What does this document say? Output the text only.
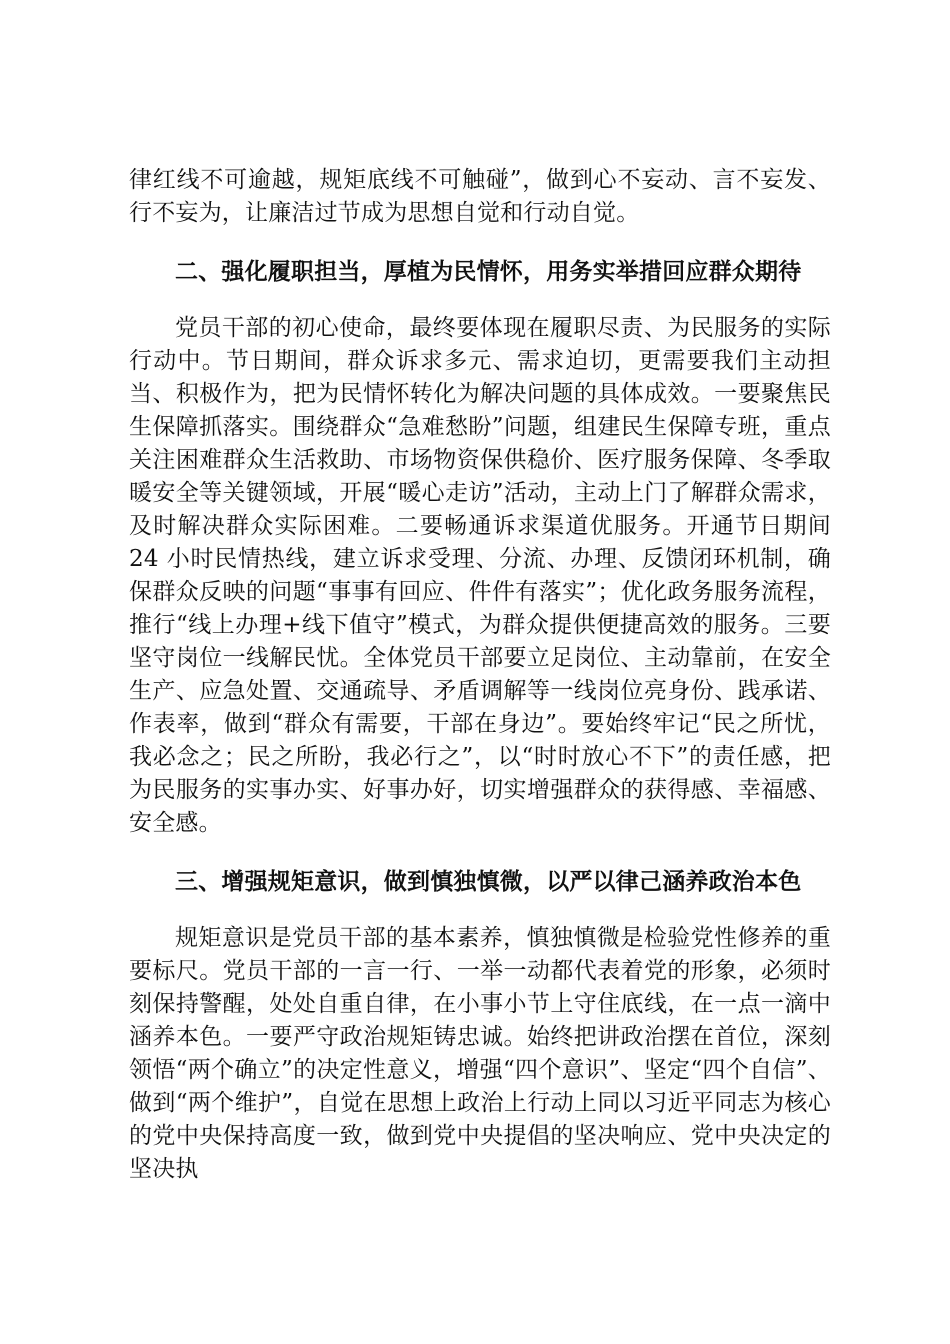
律红线不可逾越，规矩底线不可触碰”，做到心不妄动、言不妄发、行不妄为，让廉洁过节成为思想自觉和行动自觉。

二、强化履职担当，厚植为民情怀，用务实举措回应群众期待

党员干部的初心使命，最终要体现在履职尽责、为民服务的实际行动中。节日期间，群众诉求多元、需求迫切，更需要我们主动担当、积极作为，把为民情怀转化为解决问题的具体成效。一要聚焦民生保障抓落实。围绕群众“急难愁盼”问题，组建民生保障专班，重点关注困难群众生活救助、市场物资保供稳价、医疗服务保障、冬季取暖安全等关键领域，开展“暖心走访”活动，主动上门了解群众需求，及时解决群众实际困难。二要畅通诉求渠道优服务。开通节日期间 24 小时民情热线，建立诉求受理、分流、办理、反馈闭环机制，确保群众反映的问题“事事有回应、件件有落实”；优化政务服务流程，推行“线上办理+线下值守”模式，为群众提供便捷高效的服务。三要坚守岗位一线解民忧。全体党员干部要立足岗位、主动靠前，在安全生产、应急处置、交通疏导、矛盾调解等一线岗位亮身份、践承诺、作表率，做到“群众有需要，干部在身边”。要始终牢记“民之所忧，我必念之；民之所盼，我必行之”，以“时时放心不下”的责任感，把为民服务的实事办实、好事办好，切实增强群众的获得感、幸福感、安全感。

三、增强规矩意识，做到慎独慎微，以严以律己涵养政治本色

规矩意识是党员干部的基本素养，慎独慎微是检验党性修养的重要标尺。党员干部的一言一行、一举一动都代表着党的形象，必须时刻保持警醒，处处自重自律，在小事小节上守住底线，在一点一滴中涵养本色。一要严守政治规矩铸忠诚。始终把讲政治摆在首位，深刻领悟“两个确立”的决定性意义，增强“四个意识”、坚定“四个自信”、做到“两个维护”，自觉在思想上政治上行动上同以习近平同志为核心的党中央保持高度一致，做到党中央提倡的坚决响应、党中央决定的坚决执
